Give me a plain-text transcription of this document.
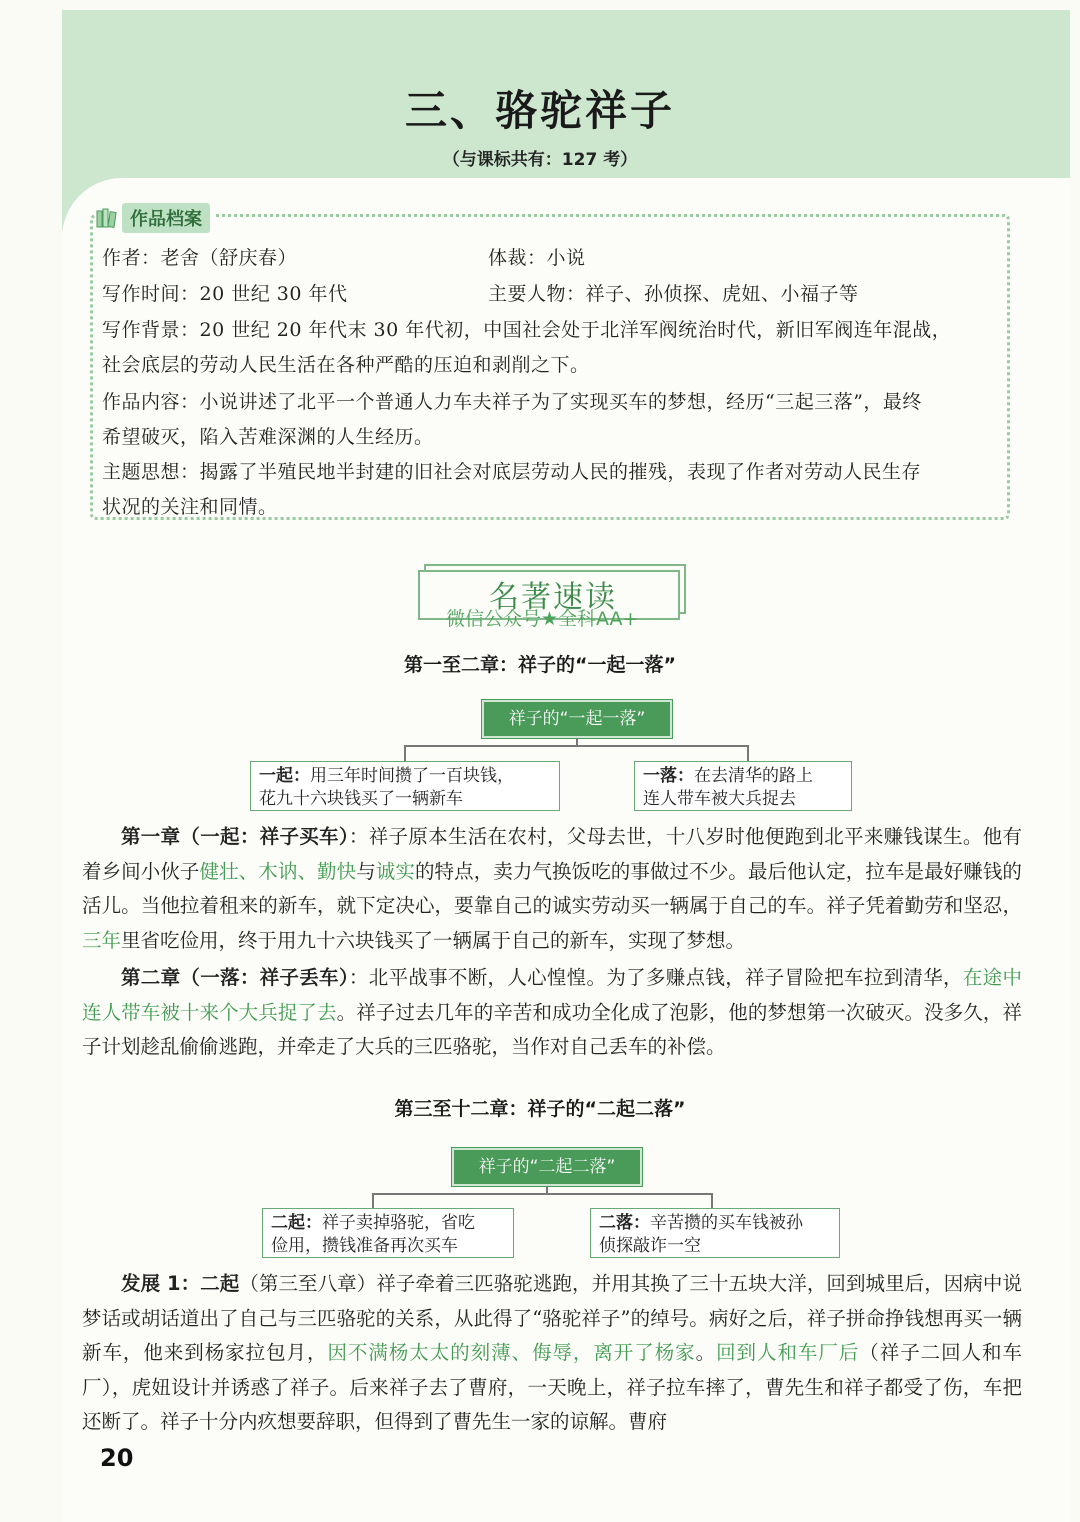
三、骆驼祥子
（与课标共有：127 考）
作品档案
作者：老舍（舒庆春）	体裁：小说
写作时间：20 世纪 30 年代	主要人物：祥子、孙侦探、虎妞、小福子等
写作背景：20 世纪 20 年代末 30 年代初，中国社会处于北洋军阀统治时代，新旧军阀连年混战，
社会底层的劳动人民生活在各种严酷的压迫和剥削之下。
作品内容：小说讲述了北平一个普通人力车夫祥子为了实现买车的梦想，经历“三起三落”，最终
希望破灭，陷入苦难深渊的人生经历。
主题思想：揭露了半殖民地半封建的旧社会对底层劳动人民的摧残，表现了作者对劳动人民生存
状况的关注和同情。
名著速读
微信公众号★全科AA+
第一至二章：祥子的“一起一落”
祥子的“一起一落”
一起：用三年时间攒了一百块钱，
花九十六块钱买了一辆新车
一落：在去清华的路上
连人带车被大兵捉去
第一章（一起：祥子买车）：祥子原本生活在农村，父母去世，十八岁时他便跑到北平来赚钱谋生。他有着乡间小伙子健壮、木讷、勤快与诚实的特点，卖力气换饭吃的事做过不少。最后他认定，拉车是最好赚钱的活儿。当他拉着租来的新车，就下定决心，要靠自己的诚实劳动买一辆属于自己的车。祥子凭着勤劳和坚忍，三年里省吃俭用，终于用九十六块钱买了一辆属于自己的新车，实现了梦想。
第二章（一落：祥子丢车）：北平战事不断，人心惶惶。为了多赚点钱，祥子冒险把车拉到清华，在途中连人带车被十来个大兵捉了去。祥子过去几年的辛苦和成功全化成了泡影，他的梦想第一次破灭。没多久，祥子计划趁乱偷偷逃跑，并牵走了大兵的三匹骆驼，当作对自己丢车的补偿。
第三至十二章：祥子的“二起二落”
祥子的“二起二落”
二起：祥子卖掉骆驼，省吃
俭用，攒钱准备再次买车
二落：辛苦攒的买车钱被孙
侦探敲诈一空
发展 1：二起（第三至八章）祥子牵着三匹骆驼逃跑，并用其换了三十五块大洋，回到城里后，因病中说梦话或胡话道出了自己与三匹骆驼的关系，从此得了“骆驼祥子”的绰号。病好之后，祥子拼命挣钱想再买一辆新车，他来到杨家拉包月，因不满杨太太的刻薄、侮辱，离开了杨家。回到人和车厂后（祥子二回人和车厂），虎妞设计并诱惑了祥子。后来祥子去了曹府，一天晚上，祥子拉车摔了，曹先生和祥子都受了伤，车把还断了。祥子十分内疚想要辞职，但得到了曹先生一家的谅解。曹府
20
